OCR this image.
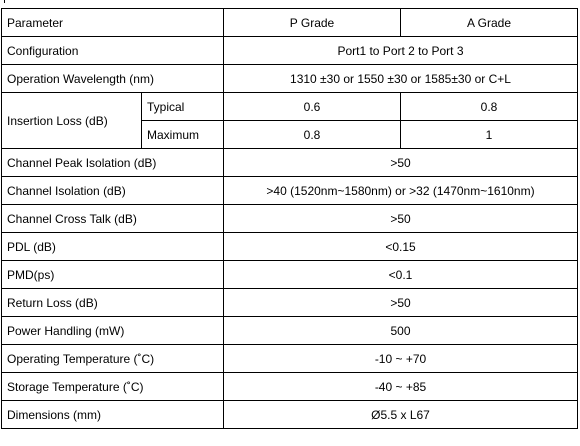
Parameter		P Grade	A Grade
Configuration		Port1 to Port 2 to Port 3	
Operation Wavelength (nm)		1310 ±30 or 1550 ±30 or 1585±30 or C+L	
Insertion Loss (dB)	Typical	0.6	0.8
	Maximum	0.8	1
Channel Peak Isolation (dB)		>50	
Channel Isolation (dB)		>40 (1520nm~1580nm) or >32 (1470nm~1610nm)	
Channel Cross Talk (dB)		>50	
PDL (dB)		<0.15	
PMD(ps)		<0.1	
Return Loss (dB)		>50	
Power Handling (mW)		500	
Operating Temperature (˚C)		-10 ~ +70	
Storage Temperature (˚C)		-40 ~ +85	
Dimensions (mm)		Ø5.5 x L67	
